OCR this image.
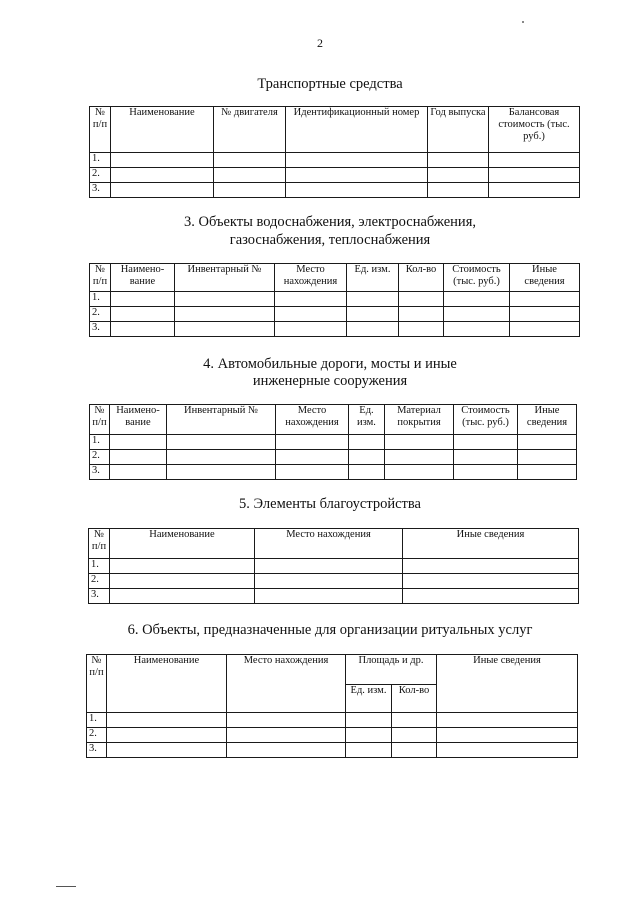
2
Транспортные средства
№ п/п	Наименование	№ двигателя	Идентификационный номер	Год выпуска	Балансовая стоимость (тыс. руб.)
1.					
2.					
3.					
3. Объекты водоснабжения, электроснабжения,
газоснабжения, теплоснабжения
№ п/п	Наимено- вание	Инвентарный №	Место нахождения	Ед. изм.	Кол-во	Стоимость (тыс. руб.)	Иные сведения
1.							
2.							
3.							
4. Автомобильные дороги, мосты и иные
инженерные сооружения
№ п/п	Наимено- вание	Инвентарный №	Место нахождения	Ед. изм.	Материал покрытия	Стоимость (тыс. руб.)	Иные сведения
1.							
2.							
3.							
5. Элементы благоустройства
№ п/п	Наименование	Место нахождения	Иные сведения
1.			
2.			
3.			
6. Объекты, предназначенные для организации ритуальных услуг
№ п/п	Наименование	Место нахождения	Площадь и др.		Иные сведения
			Ед. изм.	Кол-во	
1.					
2.					
3.					
